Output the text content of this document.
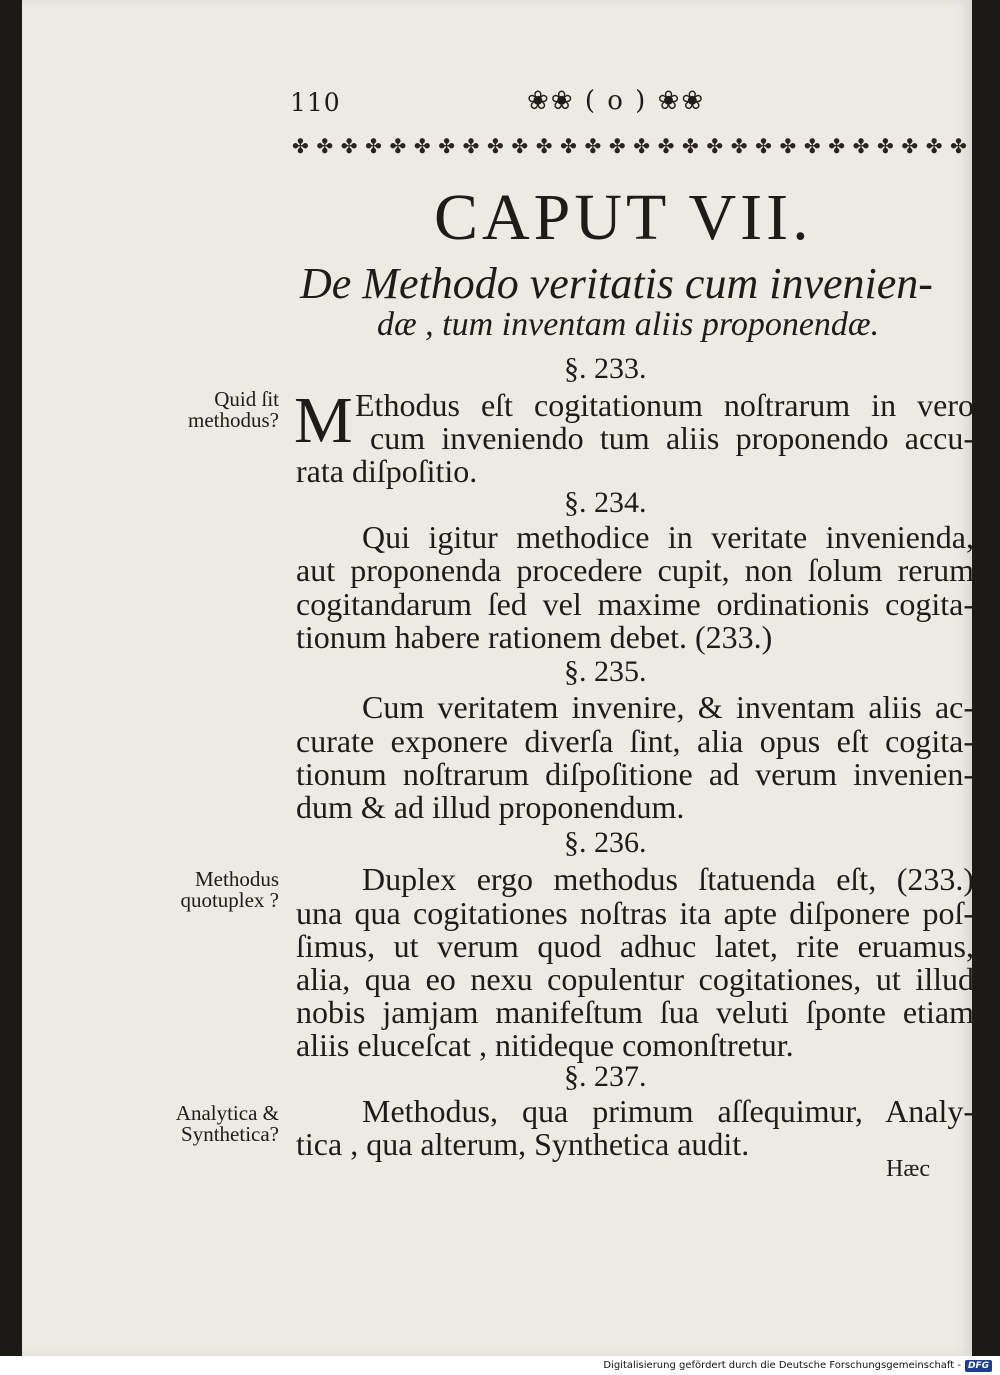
110	❀❀ ( o ) ❀❀
✤ ✤ ✤ ✤ ✤ ✤ ✤ ✤ ✤ ✤ ✤ ✤ ✤ ✤ ✤ ✤ ✤ ✤ ✤ ✤ ✤ ✤ ✤ ✤ ✤ ✤ ✤ ✤
CAPUT VII.
De Methodo veritatis cum invenien-
dæ , tum inventam aliis proponendæ.
§. 233.
Quid ſit
methodus? M Ethodus eſt cogitationum noſtrarum in vero
cum inveniendo tum aliis proponendo accu-
rata diſpoſitio.
§. 234.
Qui igitur methodice in veritate invenienda,
aut proponenda procedere cupit, non ſolum rerum
cogitandarum ſed vel maxime ordinationis cogita-
tionum habere rationem debet. (233.)
§. 235.
Cum veritatem invenire, & inventam aliis ac-
curate exponere diverſa ſint, alia opus eſt cogita-
tionum noſtrarum diſpoſitione ad verum invenien-
dum & ad illud proponendum.
§. 236.
Methodus
quotuplex ?
Duplex ergo methodus ſtatuenda eſt, (233.)
una qua cogitationes noſtras ita apte diſponere poſ-
ſimus, ut verum quod adhuc latet, rite eruamus,
alia, qua eo nexu copulentur cogitationes, ut illud
nobis jamjam manifeſtum ſua veluti ſponte etiam
aliis eluceſcat , nitideque comonſtretur.
§. 237.
Analytica &
Synthetica?
Methodus, qua primum aſſequimur, Analy-
tica , qua alterum, Synthetica audit.
Hæc
Digitalisierung gefördert durch die Deutsche Forschungsgemeinschaft - DFG
